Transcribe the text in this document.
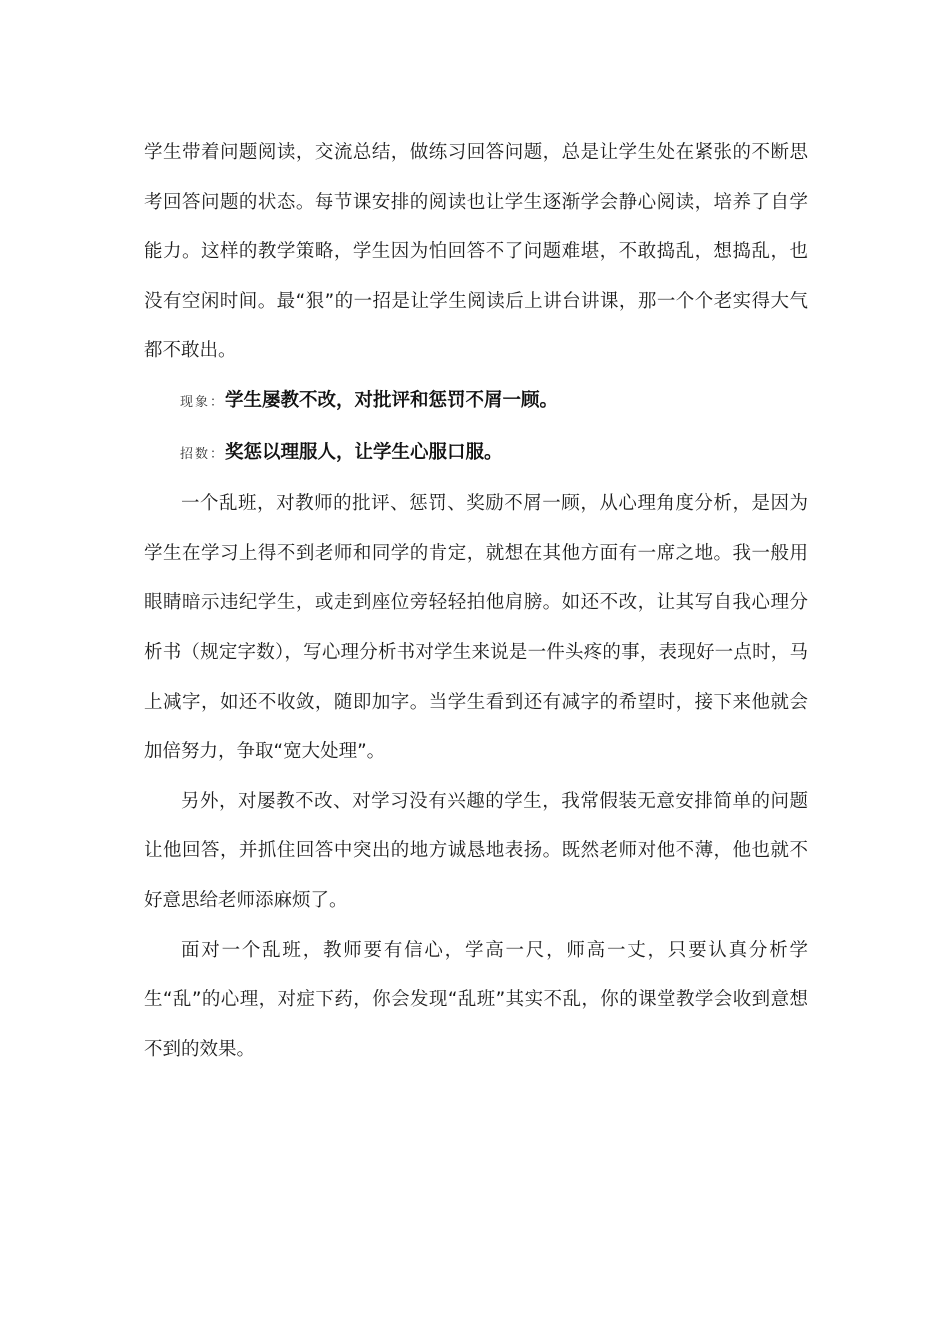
学生带着问题阅读，交流总结，做练习回答问题，总是让学生处在紧张的不断思考回答问题的状态。每节课安排的阅读也让学生逐渐学会静心阅读，培养了自学能力。这样的教学策略，学生因为怕回答不了问题难堪，不敢捣乱，想捣乱，也没有空闲时间。最“狠”的一招是让学生阅读后上讲台讲课，那一个个老实得大气都不敢出。

现象：学生屡教不改，对批评和惩罚不屑一顾。

招数：奖惩以理服人，让学生心服口服。

一个乱班，对教师的批评、惩罚、奖励不屑一顾，从心理角度分析，是因为学生在学习上得不到老师和同学的肯定，就想在其他方面有一席之地。我一般用眼睛暗示违纪学生，或走到座位旁轻轻拍他肩膀。如还不改，让其写自我心理分析书（规定字数），写心理分析书对学生来说是一件头疼的事，表现好一点时，马上减字，如还不收敛，随即加字。当学生看到还有减字的希望时，接下来他就会加倍努力，争取“宽大处理”。

另外，对屡教不改、对学习没有兴趣的学生，我常假装无意安排简单的问题让他回答，并抓住回答中突出的地方诚恳地表扬。既然老师对他不薄，他也就不好意思给老师添麻烦了。

面对一个乱班，教师要有信心，学高一尺，师高一丈，只要认真分析学生“乱”的心理，对症下药，你会发现“乱班”其实不乱，你的课堂教学会收到意想不到的效果。
